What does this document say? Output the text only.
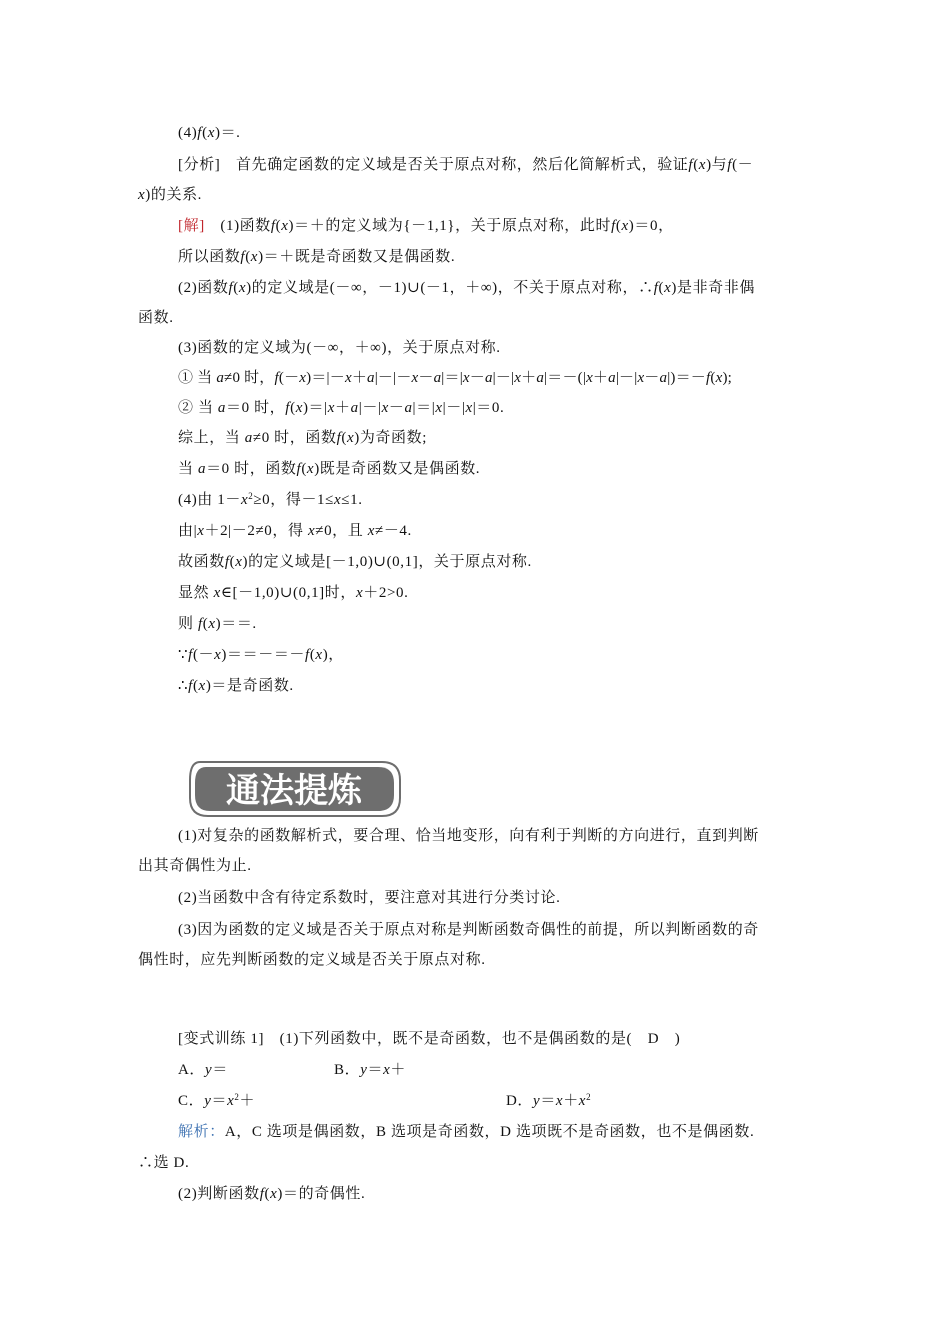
(4)f(x)＝.
[分析]　首先确定函数的定义域是否关于原点对称，然后化简解析式，验证f(x)与f(－
x)的关系.
[解]　(1)函数f(x)＝＋的定义域为{－1,1}，关于原点对称，此时f(x)＝0，
所以函数f(x)＝＋既是奇函数又是偶函数.
(2)函数f(x)的定义域是(－∞，－1)∪(－1，＋∞)，不关于原点对称，∴f(x)是非奇非偶
函数.
(3)函数的定义域为(－∞，＋∞)，关于原点对称.
① 当 a≠0 时，f(－x)＝|－x＋a|－|－x－a|＝|x－a|－|x＋a|＝－(|x＋a|－|x－a|)＝－f(x);
② 当 a＝0 时，f(x)＝|x＋a|－|x－a|＝|x|－|x|＝0.
综上，当 a≠0 时，函数f(x)为奇函数;
当 a＝0 时，函数f(x)既是奇函数又是偶函数.
(4)由 $1-x^2\ge 0$，得－1≤x≤1.
由|x＋2|－2≠0，得 x≠0，且 x≠－4.
故函数f(x)的定义域是[－1,0)∪(0,1]，关于原点对称.
显然 x∈[－1,0)∪(0,1]时，x＋2>0.
则 f(x)＝＝.
∵f(－x)＝＝－＝－f(x)，
∴f(x)＝是奇函数.
通法提炼
(1)对复杂的函数解析式，要合理、恰当地变形，向有利于判断的方向进行，直到判断
出其奇偶性为止.
(2)当函数中含有待定系数时，要注意对其进行分类讨论.
(3)因为函数的定义域是否关于原点对称是判断函数奇偶性的前提，所以判断函数的奇
偶性时，应先判断函数的定义域是否关于原点对称.
[变式训练 1]　(1)下列函数中，既不是奇函数，也不是偶函数的是(　D　)
A．y＝	B．y＝x＋
C．$y=x^2+$	D．$y=x+x^2$
解析：A，C 选项是偶函数，B 选项是奇函数，D 选项既不是奇函数，也不是偶函数.
∴选 D.
(2)判断函数f(x)＝的奇偶性.
